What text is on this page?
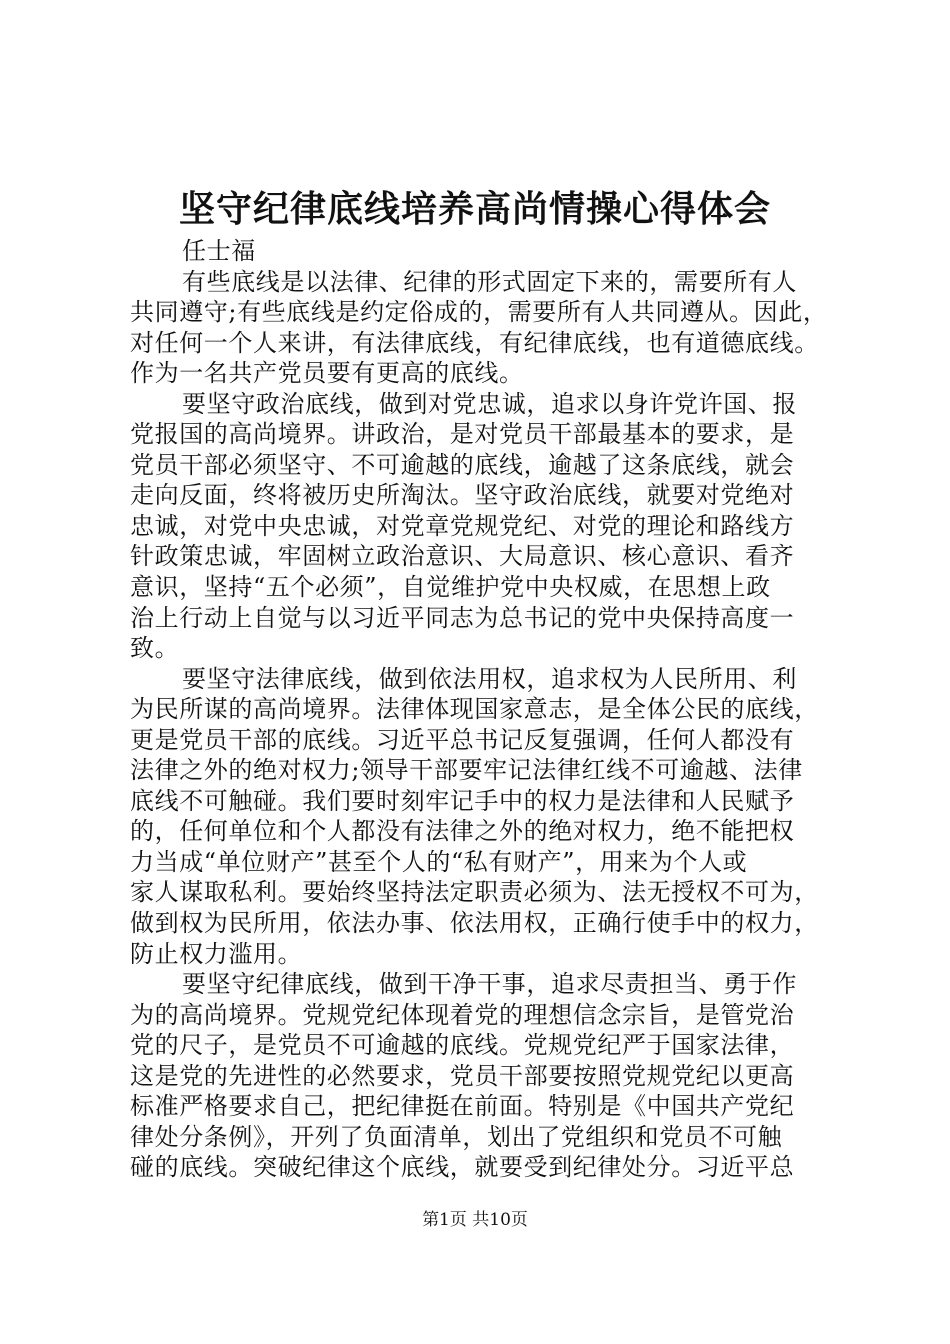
坚守纪律底线培养高尚情操心得体会
任士福
有些底线是以法律、纪律的形式固定下来的，需要所有人
共同遵守;有些底线是约定俗成的，需要所有人共同遵从。因此，
对任何一个人来讲，有法律底线，有纪律底线，也有道德底线。
作为一名共产党员要有更高的底线。
要坚守政治底线，做到对党忠诚，追求以身许党许国、报
党报国的高尚境界。讲政治，是对党员干部最基本的要求，是
党员干部必须坚守、不可逾越的底线，逾越了这条底线，就会
走向反面，终将被历史所淘汰。坚守政治底线，就要对党绝对
忠诚，对党中央忠诚，对党章党规党纪、对党的理论和路线方
针政策忠诚，牢固树立政治意识、大局意识、核心意识、看齐
意识，坚持“五个必须”，自觉维护党中央权威，在思想上政
治上行动上自觉与以习近平同志为总书记的党中央保持高度一
致。
要坚守法律底线，做到依法用权，追求权为人民所用、利
为民所谋的高尚境界。法律体现国家意志，是全体公民的底线，
更是党员干部的底线。习近平总书记反复强调，任何人都没有
法律之外的绝对权力;领导干部要牢记法律红线不可逾越、法律
底线不可触碰。我们要时刻牢记手中的权力是法律和人民赋予
的，任何单位和个人都没有法律之外的绝对权力，绝不能把权
力当成“单位财产”甚至个人的“私有财产”，用来为个人或
家人谋取私利。要始终坚持法定职责必须为、法无授权不可为，
做到权为民所用，依法办事、依法用权，正确行使手中的权力，
防止权力滥用。
要坚守纪律底线，做到干净干事，追求尽责担当、勇于作
为的高尚境界。党规党纪体现着党的理想信念宗旨，是管党治
党的尺子，是党员不可逾越的底线。党规党纪严于国家法律，
这是党的先进性的必然要求，党员干部要按照党规党纪以更高
标准严格要求自己，把纪律挺在前面。特别是《中国共产党纪
律处分条例》，开列了负面清单，划出了党组织和党员不可触
碰的底线。突破纪律这个底线，就要受到纪律处分。习近平总
第1页 共10页
